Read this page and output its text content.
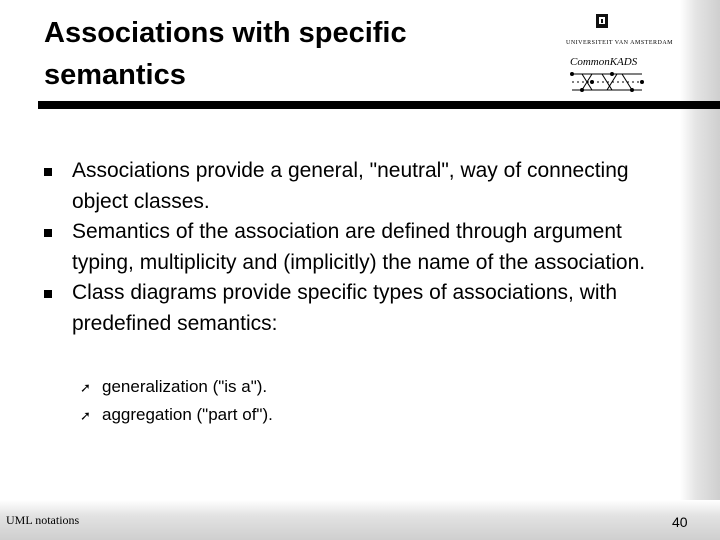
Associations with specific
semantics
UNIVERSITEIT VAN AMSTERDAM
CommonKADS
Associations provide a general, "neutral", way of connecting object classes.
Semantics of the association are defined through argument typing, multiplicity and (implicitly) the name of the association.
Class diagrams provide specific types of associations, with predefined semantics:
➚ generalization ("is a").
➚ aggregation ("part of").
UML notations	40
